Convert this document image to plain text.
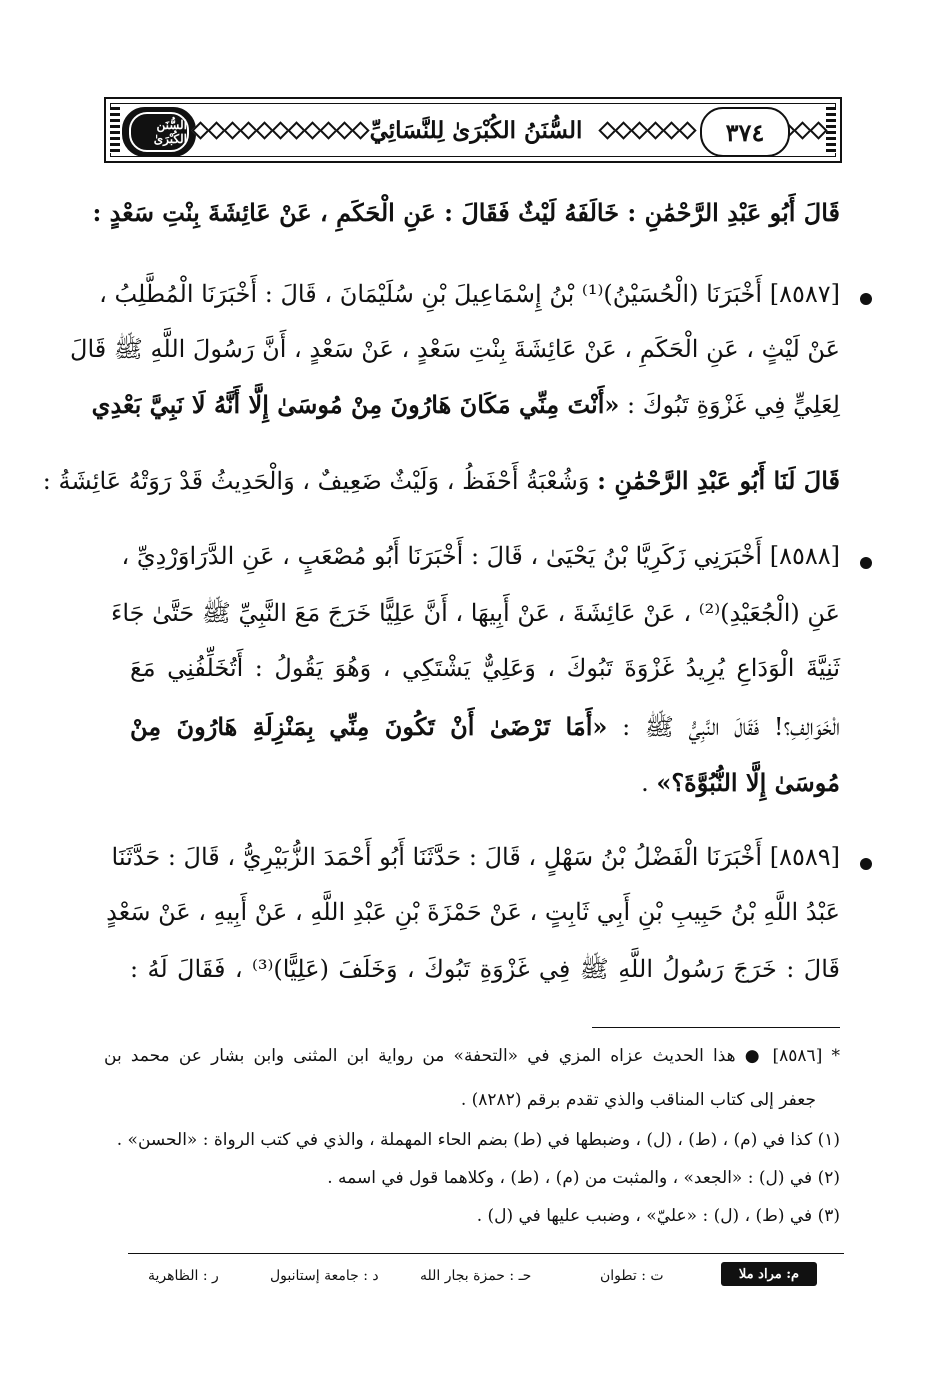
السُّنَن الكُبْرَىٰ	السُّنَنُ الكُبْرَىٰ لِلنَّسَائِيِّ	٣٧٤
قَالَ أَبُو عَبْدِ الرَّحْمَٰنِ : خَالَفَهُ لَيْثٌ فَقَالَ : عَنِ الْحَكَمِ ، عَنْ عَائِشَةَ بِنْتِ سَعْدٍ :
[٨٥٨٧] أَخْبَرَنَا (الْحُسَيْنُ)⁽¹⁾ بْنُ إِسْمَاعِيلَ بْنِ سُلَيْمَانَ ، قَالَ : أَخْبَرَنَا الْمُطَّلِبُ ،
عَنْ لَيْثٍ ، عَنِ الْحَكَمِ ، عَنْ عَائِشَةَ بِنْتِ سَعْدٍ ، عَنْ سَعْدٍ ، أَنَّ رَسُولَ اللَّهِ ﷺ قَالَ
لِعَلِيٍّ فِي غَزْوَةِ تَبُوكَ : «أَنْتَ مِنِّي مَكَانَ هَارُونَ مِنْ مُوسَىٰ إِلَّا أَنَّهُ لَا نَبِيَّ بَعْدِي
قَالَ لَنَا أَبُو عَبْدِ الرَّحْمَٰنِ : وَشُعْبَةُ أَحْفَظُ ، وَلَيْثٌ ضَعِيفٌ ، وَالْحَدِيثُ قَدْ رَوَتْهُ عَائِشَةُ :
[٨٥٨٨] أَخْبَرَنِي زَكَرِيَّا بْنُ يَحْيَىٰ ، قَالَ : أَخْبَرَنَا أَبُو مُصْعَبٍ ، عَنِ الدَّرَاوَرْدِيِّ ،
عَنِ (الْجُعَيْدِ)⁽²⁾ ، عَنْ عَائِشَةَ ، عَنْ أَبِيهَا ، أَنَّ عَلِيًّا خَرَجَ مَعَ النَّبِيِّ ﷺ حَتَّىٰ جَاءَ
ثَنِيَّةَ الْوَدَاعِ يُرِيدُ غَزْوَةَ تَبُوكَ ، وَعَلِيٌّ يَشْتَكِي ، وَهُوَ يَقُولُ : أَتُخَلِّفُنِي مَعَ
الْخَوَالِفِ؟! فَقَالَ النَّبِيُّ ﷺ : «أَمَا تَرْضَىٰ أَنْ تَكُونَ مِنِّي بِمَنْزِلَةِ هَارُونَ مِنْ
مُوسَىٰ إِلَّا النُّبُوَّةَ؟» .
[٨٥٨٩] أَخْبَرَنَا الْفَضْلُ بْنُ سَهْلٍ ، قَالَ : حَدَّثَنَا أَبُو أَحْمَدَ الزُّبَيْرِيُّ ، قَالَ : حَدَّثَنَا
عَبْدُ اللَّهِ بْنُ حَبِيبِ بْنِ أَبِي ثَابِتٍ ، عَنْ حَمْزَةَ بْنِ عَبْدِ اللَّهِ ، عَنْ أَبِيهِ ، عَنْ سَعْدٍ
قَالَ : خَرَجَ رَسُولُ اللَّهِ ﷺ فِي غَزْوَةِ تَبُوكَ ، وَخَلَفَ (عَلِيًّا)⁽³⁾ ، فَقَالَ لَهُ :
* [٨٥٨٦] ● هذا الحديث عزاه المزي في «التحفة» من رواية ابن المثنى وابن بشار عن محمد بن
جعفر إلى كتاب المناقب والذي تقدم برقم (٨٢٨٢) .
(١) كذا في (م) ، (ط) ، (ل) ، وضبطها في (ط) بضم الحاء المهملة ، والذي في كتب الرواة : «الحسن» .
(٢) في (ل) : «الجعد» ، والمثبت من (م) ، (ط) ، وكلاهما قول في اسمه .
(٣) في (ط) ، (ل) : «عليّ» ، وضبب عليها في (ل) .
م: مراد ملا
ت : تطوان
حـ : حمزة بجار الله
د : جامعة إستانبول
ر : الظاهرية
